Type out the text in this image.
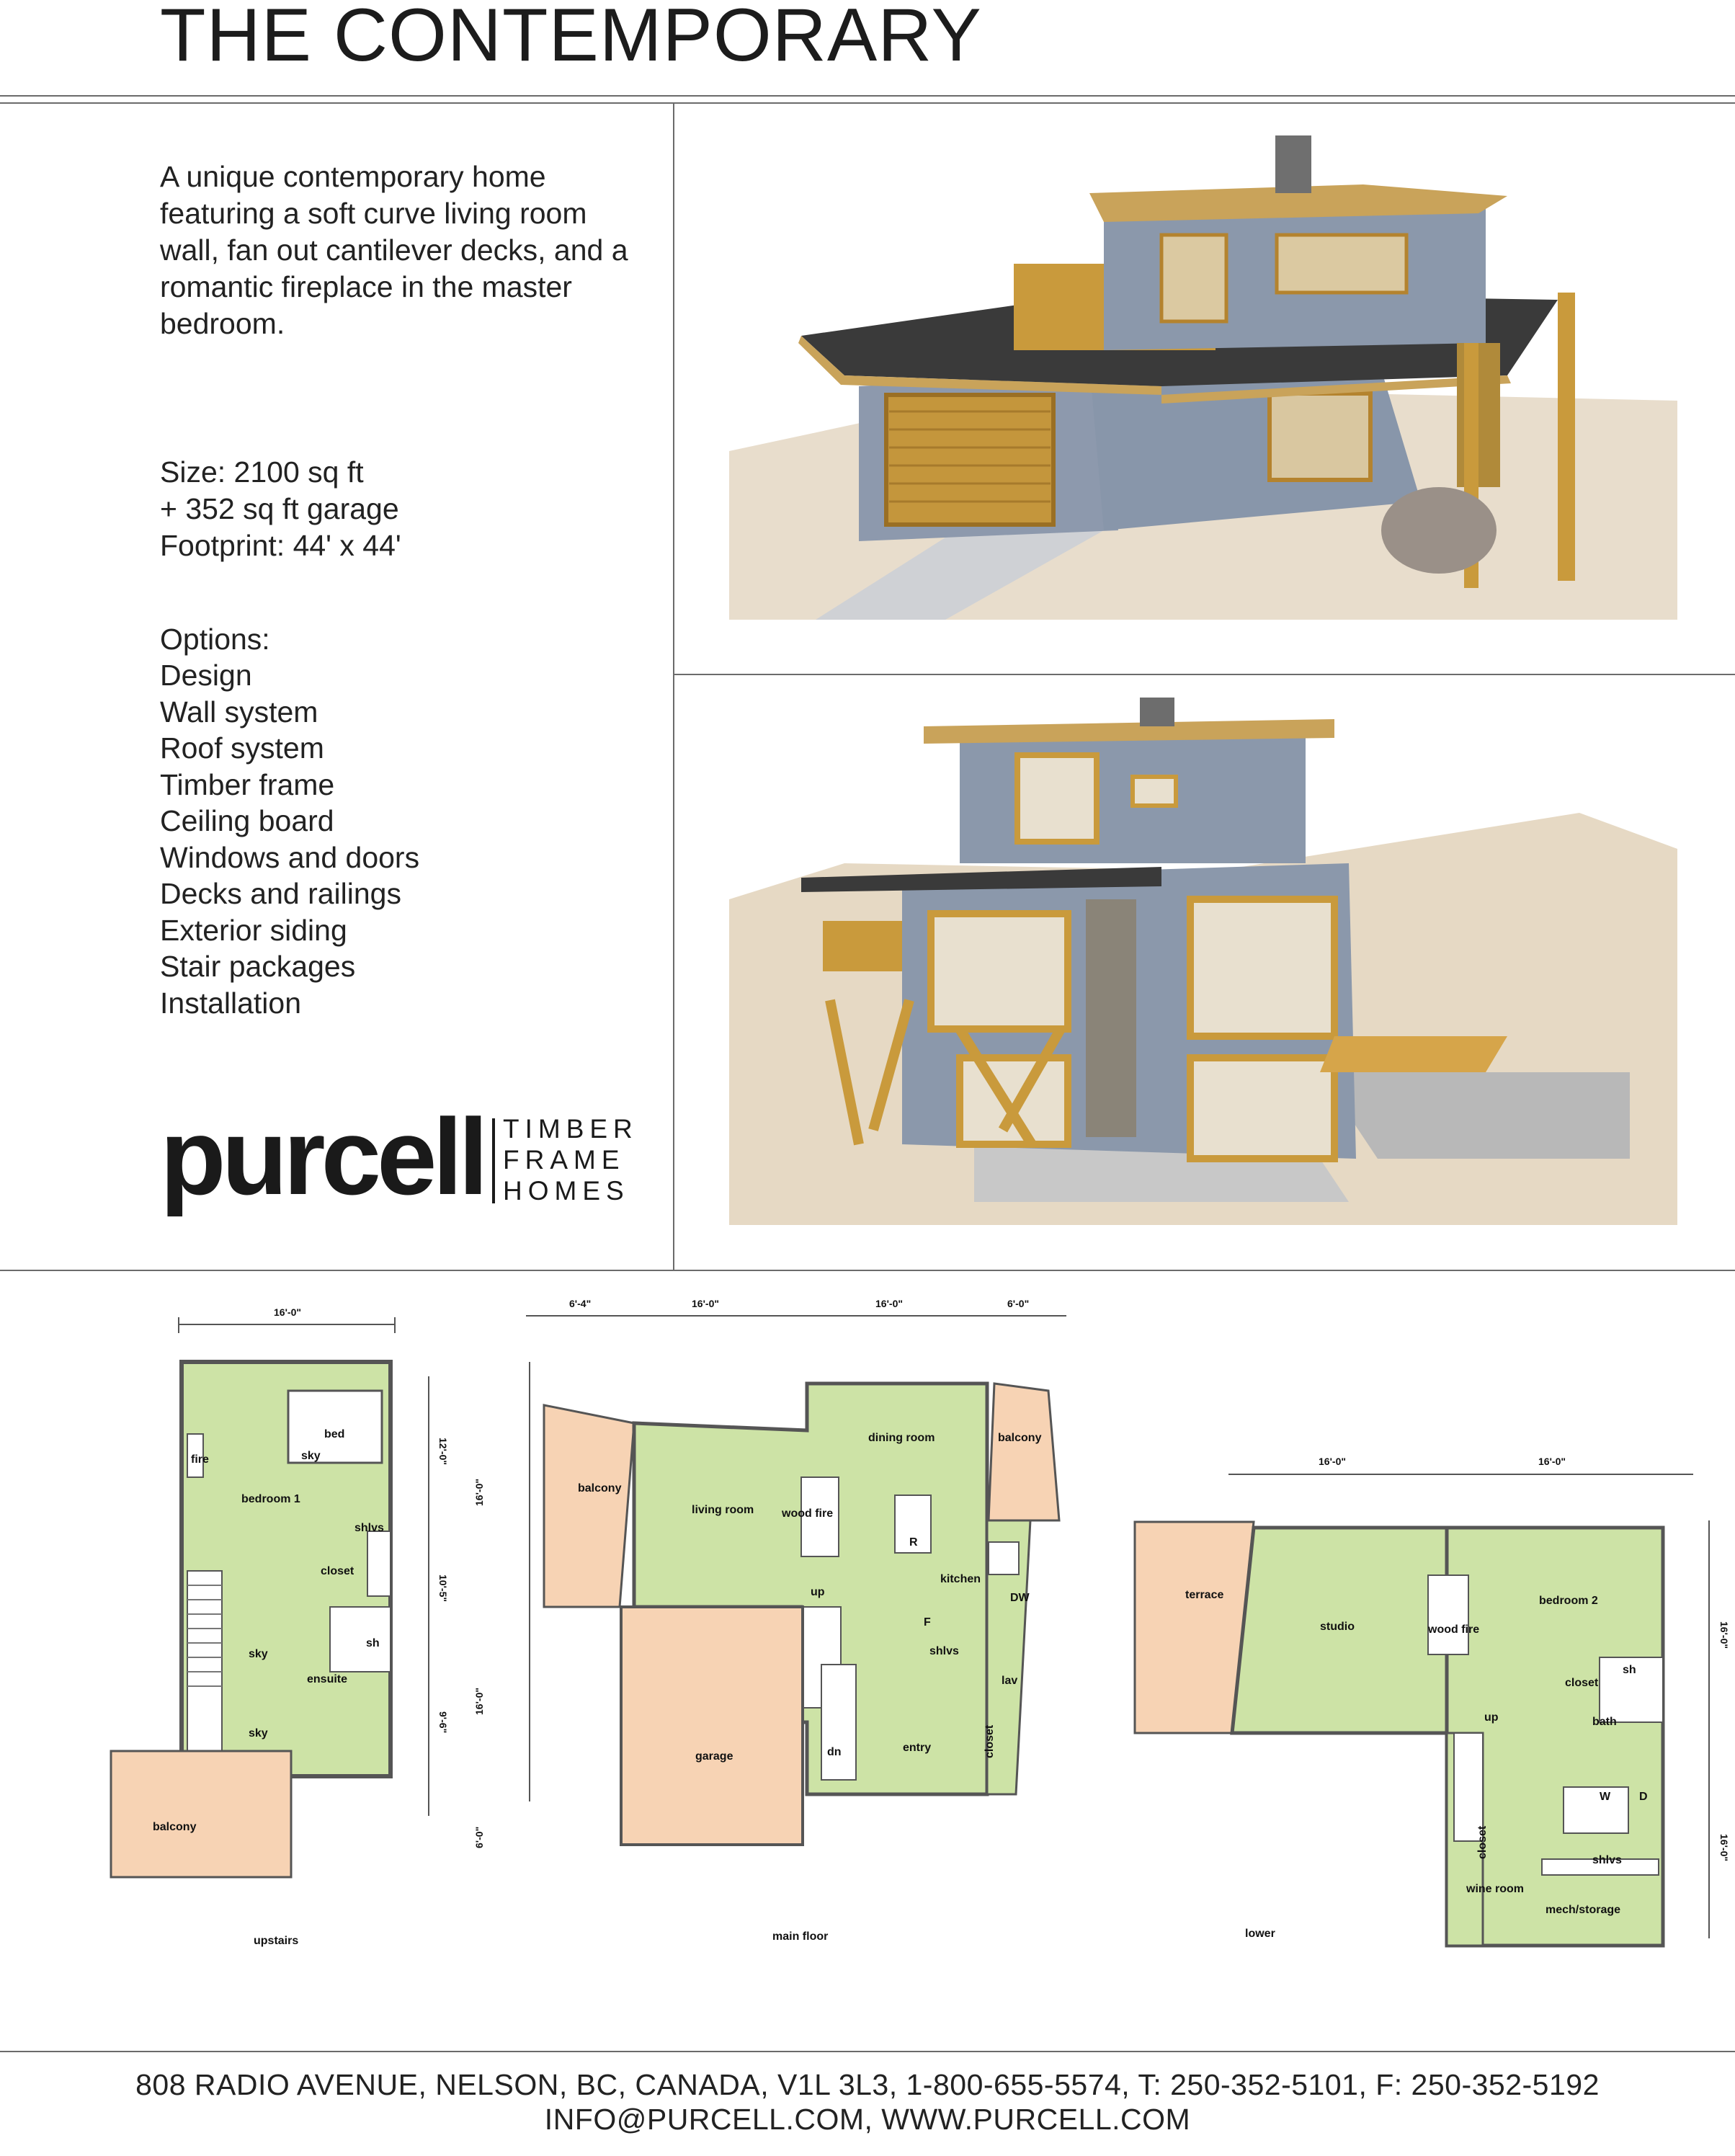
THE CONTEMPORARY
A unique contemporary home featuring a soft curve living room wall, fan out cantilever decks, and a romantic fireplace in the master bedroom.
Size: 2100 sq ft
+ 352 sq ft garage
Footprint: 44' x 44'
Options:
Design
Wall system
Roof system
Timber frame
Ceiling board
Windows and doors
Decks and railings
Exterior siding
Stair packages
Installation
purcell TIMBER
FRAME
HOMES
16'-0"
bed
sky
fire
bedroom 1
shlvs
closet
sh
sky
ensuite
sky
balcony
12'-0"
10'-5"
9'-6"
upstairs
6'-4"	16'-0"	16'-0"	6'-0"
dining room	balcony
balcony
living room wood fire
R
kitchen
up	DW
F
shlvs
lav
garage	dn	entry	closet
16'-0"
16'-0"
6'-0"
main floor
16'-0"	16'-0"
terrace
studio	wood fire
bedroom 2
closet
sh
up	bath
W D
closet
shlvs
wine room
mech/storage
16'-0"
16'-0"
lower
808 RADIO AVENUE, NELSON, BC, CANADA, V1L 3L3, 1-800-655-5574, T: 250-352-5101, F: 250-352-5192
INFO@PURCELL.COM, WWW.PURCELL.COM
